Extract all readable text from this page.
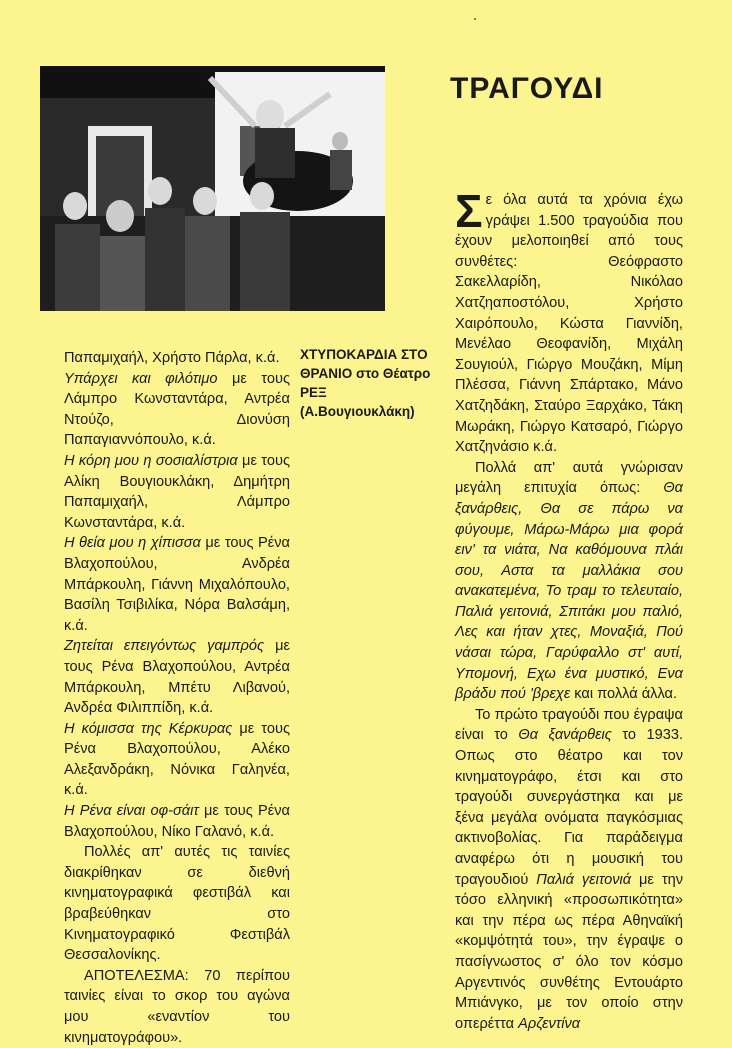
ΤΡΑΓΟΥΔΙ
ΧΤΥΠΟΚΑΡΔΙΑ ΣΤΟ ΘΡΑΝΙΟ στο Θέατρο ΡΕΞ (Α.Βουγιουκλάκη)

Παπαμιχαήλ, Χρήστο Πάρλα, κ.ά.

Υπάρχει και φιλότιμο με τους Λάμπρο Κωνσταντάρα, Αντρέα Ντούζο, Διονύση Παπαγιαννόπουλο, κ.ά.

Η κόρη μου η σοσιαλίστρια με τους Αλίκη Βουγιουκλάκη, Δημήτρη Παπαμιχαήλ, Λάμπρο Κωνσταντάρα, κ.ά.

Η θεία μου η χίπισσα με τους Ρένα Βλαχοπούλου, Ανδρέα Μπάρκουλη, Γιάννη Μιχαλόπουλο, Βασίλη Τσιβιλίκα, Νόρα Βαλσάμη, κ.ά.

Ζητείται επειγόντως γαμπρός με τους Ρένα Βλαχοπούλου, Αντρέα Μπάρκουλη, Μπέτυ Λιβανού, Ανδρέα Φιλιππίδη, κ.ά.

Η κόμισσα της Κέρκυρας με τους Ρένα Βλαχοπούλου, Αλέκο Αλεξανδράκη, Νόνικα Γαληνέα, κ.ά.

Η Ρένα είναι οφ-σάιτ με τους Ρένα Βλαχοπούλου, Νίκο Γαλανό, κ.ά.

Πολλές απ' αυτές τις ταινίες διακρίθηκαν σε διεθνή κινηματογραφικά φεστιβάλ και βραβεύθηκαν στο Κινηματογραφικό Φεστιβάλ Θεσσαλονίκης.

ΑΠΟΤΕΛΕΣΜΑ: 70 περίπου ταινίες είναι το σκορ του αγώνα μου «εναντίον του κινηματογράφου».

Σε όλα αυτά τα χρόνια έχω γράψει 1.500 τραγούδια που έχουν μελοποιηθεί από τους συνθέτες: Θεόφραστο Σακελλαρίδη, Νικόλαο Χατζηαποστόλου, Χρήστο Χαιρόπουλο, Κώστα Γιαννίδη, Μενέλαο Θεοφανίδη, Μιχάλη Σουγιούλ, Γιώργο Μουζάκη, Μίμη Πλέσσα, Γιάννη Σπάρτακο, Μάνο Χατζηδάκη, Σταύρο Ξαρχάκο, Τάκη Μωράκη, Γιώργο Κατσαρό, Γιώργο Χατζηνάσιο κ.ά.

Πολλά απ' αυτά γνώρισαν μεγάλη επιτυχία όπως: Θα ξανάρθεις, Θα σε πάρω να φύγουμε, Μάρω-Μάρω μια φορά ειν' τα νιάτα, Να καθόμουνα πλάι σου, Αστα τα μαλλάκια σου ανακατεμένα, Το τραμ το τελευταίο, Παλιά γειτονιά, Σπιτάκι μου παλιό, Λες και ήταν χτες, Μοναξιά, Πού νάσαι τώρα, Γαρύφαλλο στ' αυτί, Υπομονή, Εχω ένα μυστικό, Ενα βράδυ πού 'βρεχε και πολλά άλλα.

Το πρώτο τραγούδι που έγραψα είναι το Θα ξανάρθεις το 1933. Οπως στο θέατρο και τον κινηματογράφο, έτσι και στο τραγούδι συνεργάστηκα και με ξένα μεγάλα ονόματα παγκόσμιας ακτινοβολίας. Για παράδειγμα αναφέρω ότι η μουσική του τραγουδιού Παλιά γειτονιά με την τόσο ελληνική «προσωπικότητα» και την πέρα ως πέρα Αθηναϊκή «κομψότητά του», την έγραψε ο πασίγνωστος σ' όλο τον κόσμο Αργεντινός συνθέτης Εντουάρτο Μπιάνγκο, με τον οποίο στην οπερέττα Αρζεντίνα
